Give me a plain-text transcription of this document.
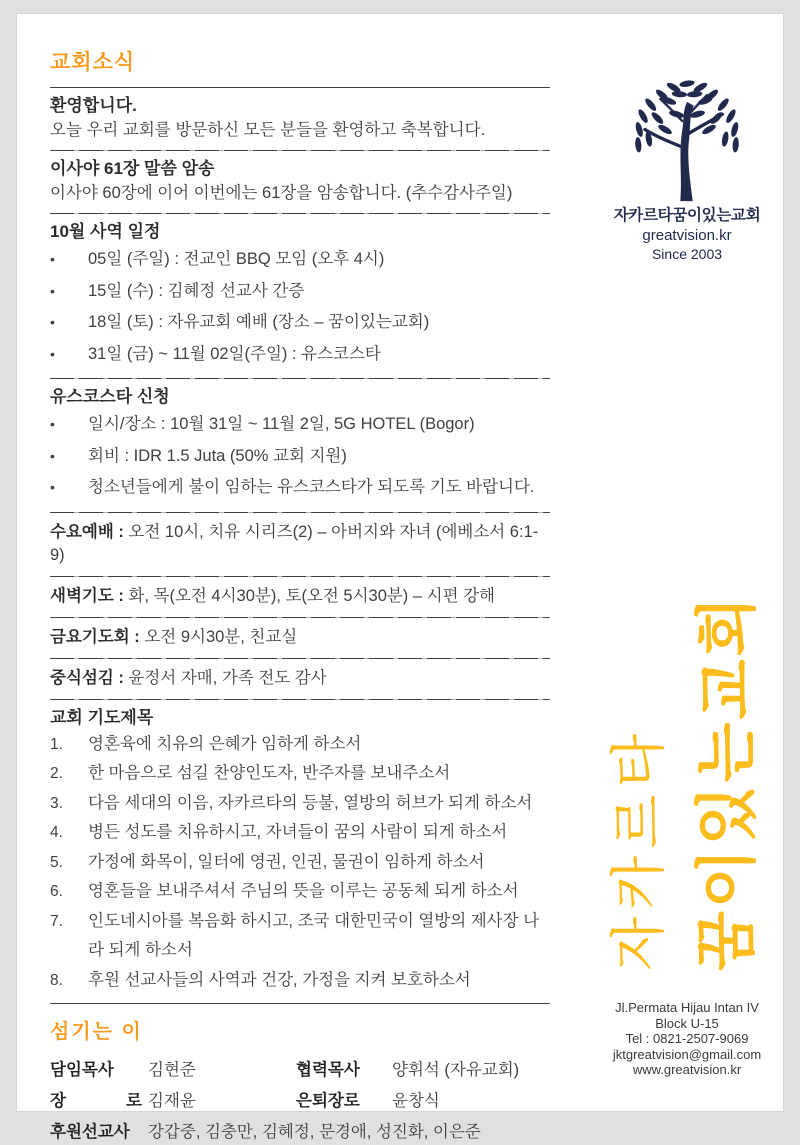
교회소식
환영합니다.
오늘 우리 교회를 방문하신 모든 분들을 환영하고 축복합니다.
이사야 61장 말씀 암송
이사야 60장에 이어 이번에는 61장을 암송합니다. (추수감사주일)
10월 사역 일정
•	05일 (주일) : 전교인 BBQ 모임 (오후 4시)
•	15일 (수) : 김혜정 선교사 간증
•	18일 (토) : 자유교회 예배 (장소 – 꿈이있는교회)
•	31일 (금) ~ 11월 02일(주일) : 유스코스타
유스코스타 신청
•	일시/장소 : 10월 31일 ~ 11월 2일, 5G HOTEL (Bogor)
•	회비 : IDR 1.5 Juta (50% 교회 지원)
•	청소년들에게 불이 임하는 유스코스타가 되도록 기도 바랍니다.
수요예배 : 오전 10시, 치유 시리즈(2) – 아버지와 자녀 (에베소서 6:1-9)
새벽기도 : 화, 목(오전 4시30분), 토(오전 5시30분) – 시편 강해
금요기도회 : 오전 9시30분, 친교실
중식섬김 : 윤정서 자매, 가족 전도 감사
교회 기도제목
1.	영혼육에 치유의 은혜가 임하게 하소서
2.	한 마음으로 섬길 찬양인도자, 반주자를 보내주소서
3.	다음 세대의 이음, 자카르타의 등불, 열방의 허브가 되게 하소서
4.	병든 성도를 치유하시고, 자녀들이 꿈의 사람이 되게 하소서
5.	가정에 화목이, 일터에 영권, 인권, 물권이 임하게 하소서
6.	영혼들을 보내주셔서 주님의 뜻을 이루는 공동체 되게 하소서
7.	인도네시아를 복음화 하시고, 조국 대한민국이 열방의 제사장 나라 되게 하소서
8.	후원 선교사들의 사역과 건강, 가정을 지켜 보호하소서
섬기는 이
담임목사	김현준	협력목사	양휘석 (자유교회)
장 로 김재윤	은퇴장로	윤창식
후원선교사	강갑중, 김충만, 김혜정, 문경애, 성진화, 이은준
자카르타꿈이있는교회
greatvision.kr
Since 2003
자카르타 꿈이있는교회
Jl.Permata Hijau Intan IV
Block U-15
Tel : 0821-2507-9069
jktgreatvision@gmail.com
www.greatvision.kr
